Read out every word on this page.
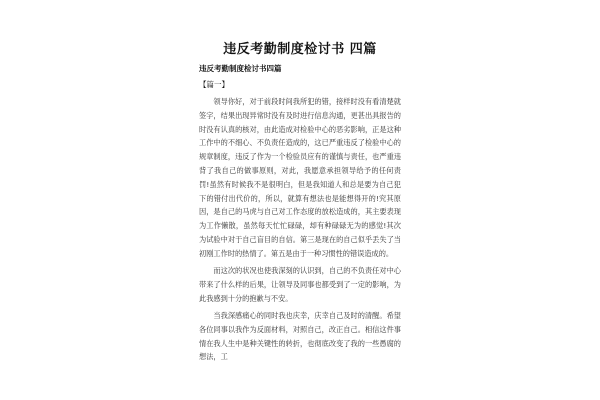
违反考勤制度检讨书 四篇
违反考勤制度检讨书四篇
【篇一】

领导你好，对于前段时间我所犯的错，接样时没有看清楚就签字，结果出现异常时没有及时进行信息沟通，更甚出具报告的时没有认真的核对，由此造成对检验中心的恶劣影响，正是这种工作中的不细心、不负责任造成的，这已严重违反了检验中心的规章制度，违反了作为一个检验员应有的谨慎与责任，也严重违背了我自己的做事原则，对此，我愿意承担领导给予的任何责罚!虽然有时候我不是很明白，但是我知道人和总是要为自己犯下的错付出代价的，所以，就算有想法也是能想得开的!究其原因，是自己的马虎与自己对工作态度的放松造成的，其主要表现为工作懒散，虽然每天忙忙碌碌，却有种碌碌无为的感觉!其次为试验中对于自己盲目的自信。第三是现在的自己似乎丢失了当初刚工作时的热情了。第五是由于一种习惯性的错误造成的。

而这次的状况也使我深刻的认识到，自己的不负责任对中心带来了什么样的后果，让领导及同事也都受到了一定的影响，为此我感到十分的抱歉与不安。

当我深感痛心的同时我也庆幸，庆幸自己及时的清醒。希望各位同事以我作为反面材料，对照自己，改正自己。相信这件事情在我人生中是种关键性的转折，也彻底改变了我的一些愚腐的想法，工
